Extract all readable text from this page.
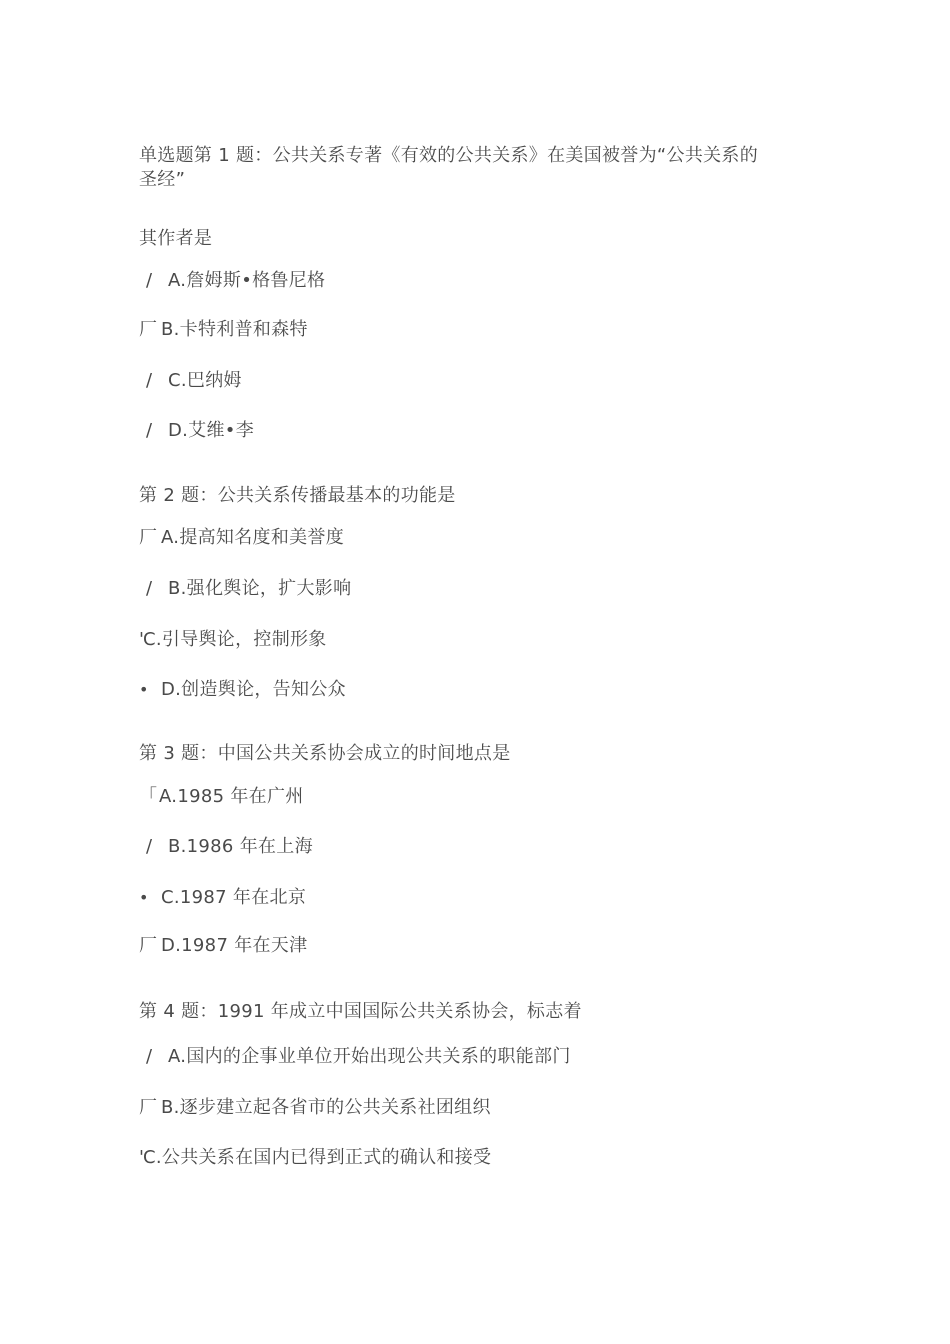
单选题第 1 题：公共关系专著《有效的公共关系》在美国被誉为“公共关系的
圣经”
其作者是
/ A.詹姆斯•格鲁尼格
厂 B.卡特利普和森特
/ C.巴纳姆
/ D.艾维•李
第 2 题：公共关系传播最基本的功能是
厂 A.提高知名度和美誉度
/ B.强化舆论，扩大影响
'
C.引导舆论，控制形象
• D.创造舆论，告知公众
第 3 题：中国公共关系协会成立的时间地点是
「 A.1985 年在广州
/ B.1986 年在上海
• C.1987 年在北京
厂 D.1987 年在天津
第 4 题：1991 年成立中国国际公共关系协会，标志着
/ A.国内的企事业单位开始出现公共关系的职能部门
厂 B.逐步建立起各省市的公共关系社团组织
'
C.公共关系在国内已得到正式的确认和接受
